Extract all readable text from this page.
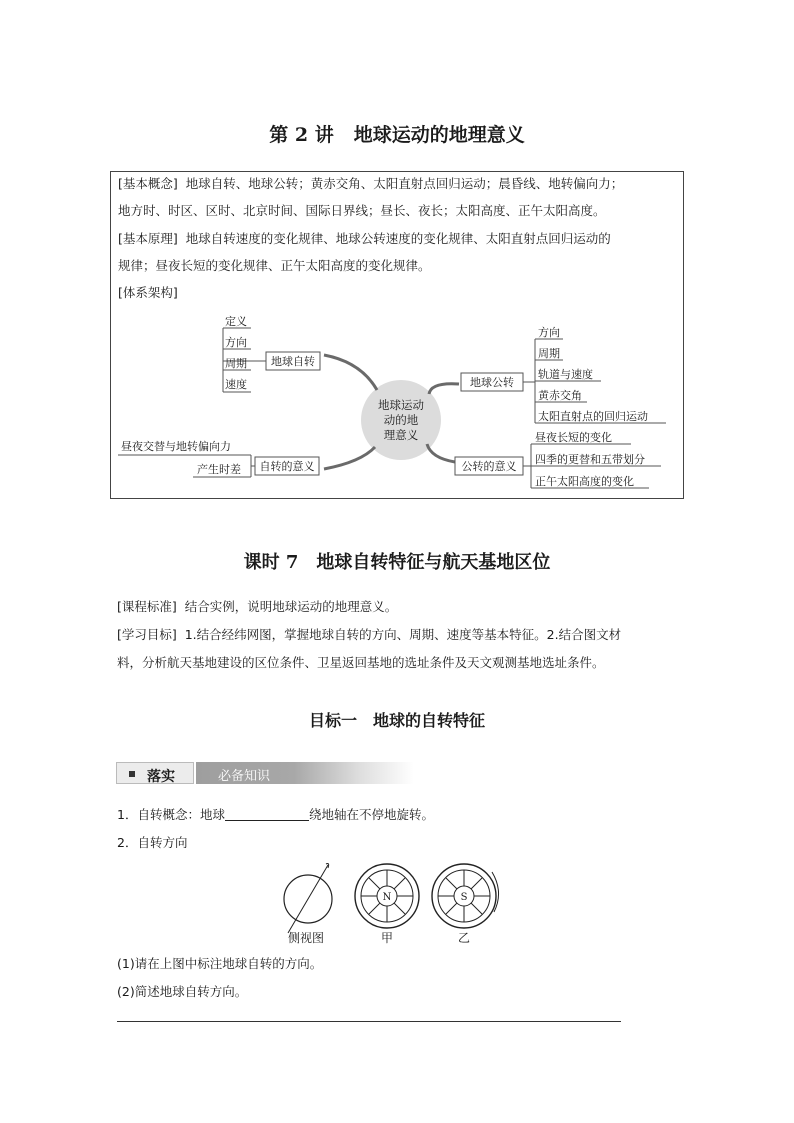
第 2 讲 地球运动的地理意义
[基本概念] 地球自转、地球公转；黄赤交角、太阳直射点回归运动；晨昏线、地转偏向力；
地方时、时区、区时、北京时间、国际日界线；昼长、夜长；太阳高度、正午太阳高度。
[基本原理] 地球自转速度的变化规律、地球公转速度的变化规律、太阳直射点回归运动的
规律；昼夜长短的变化规律、正午太阳高度的变化规律。
[体系架构]
地球运动
动的地
理意义
地球自转
定义
方向
周期
速度	地球公转
方向
周期
轨道与速度
黄赤交角
太阳直射点的回归运动
自转的意义
昼夜交替与地转偏向力
产生时差	公转的意义
昼夜长短的变化
四季的更替和五带划分
正午太阳高度的变化
课时 7 地球自转特征与航天基地区位
[课程标准] 结合实例，说明地球运动的地理意义。
[学习目标] 1.结合经纬网图，掌握地球自转的方向、周期、速度等基本特征。2.结合图文材
料，分析航天基地建设的区位条件、卫星返回基地的选址条件及天文观测基地选址条件。
目标一 地球的自转特征
落实	必备知识
1．自转概念：地球	绕地轴在不停地旋转。
2．自转方向
侧视图
N
甲
S
乙
(1)请在上图中标注地球自转的方向。
(2)简述地球自转方向。
